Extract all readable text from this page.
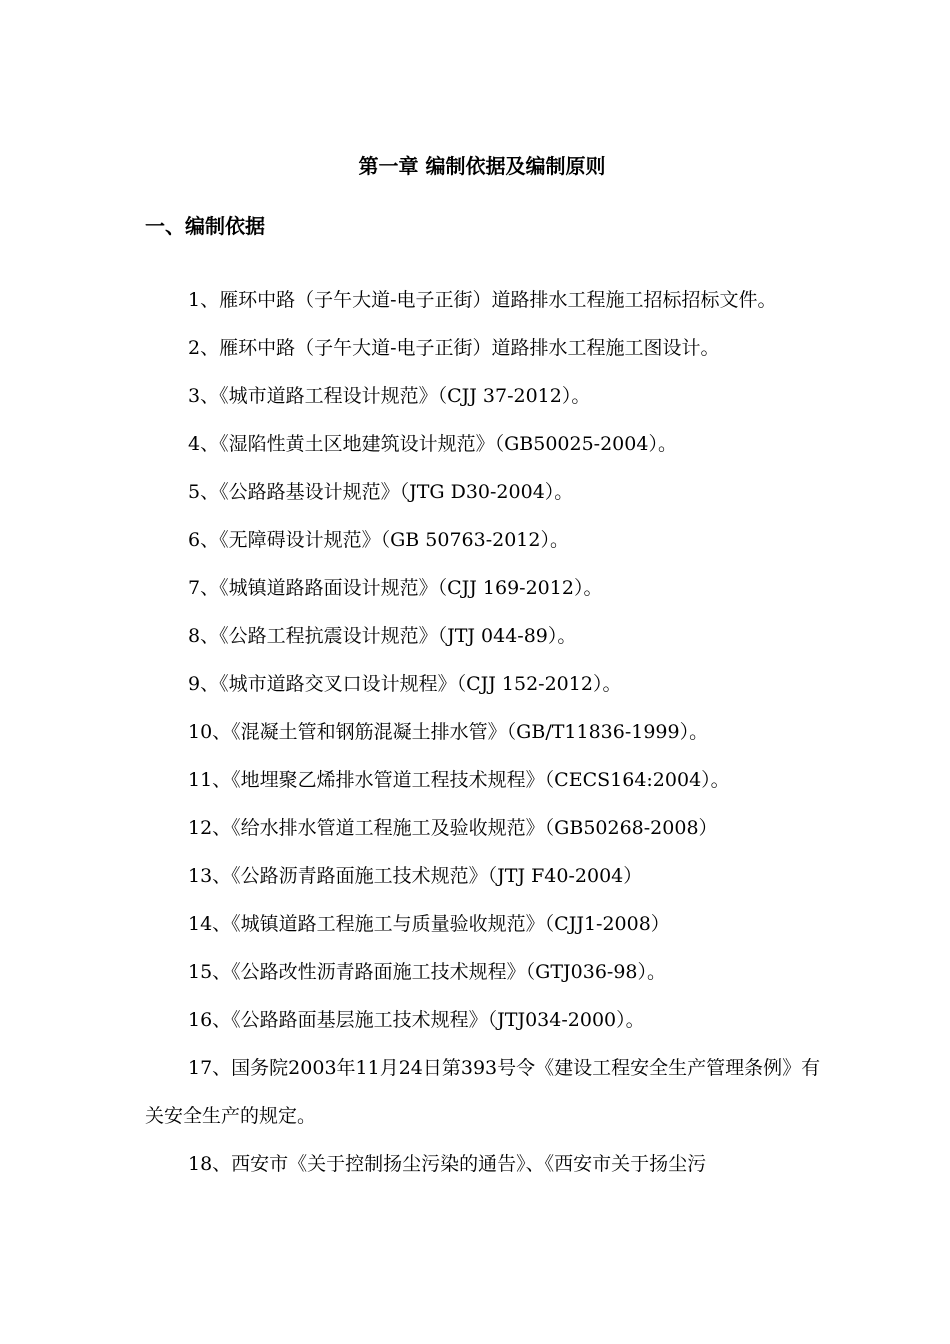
第一章 编制依据及编制原则
一、编制依据
1、雁环中路（子午大道-电子正街）道路排水工程施工招标招标文件。
2、雁环中路（子午大道-电子正街）道路排水工程施工图设计。
3、《城市道路工程设计规范》（CJJ 37-2012）。
4、《湿陷性黄土区地建筑设计规范》（GB50025-2004）。
5、《公路路基设计规范》（JTG D30-2004）。
6、《无障碍设计规范》（GB 50763-2012）。
7、《城镇道路路面设计规范》（CJJ 169-2012）。
8、《公路工程抗震设计规范》（JTJ 044-89）。
9、《城市道路交叉口设计规程》（CJJ 152-2012）。
10、《混凝土管和钢筋混凝土排水管》（GB/T11836-1999）。
11、《地埋聚乙烯排水管道工程技术规程》（CECS164:2004）。
12、《给水排水管道工程施工及验收规范》（GB50268-2008）
13、《公路沥青路面施工技术规范》（JTJ F40-2004）
14、《城镇道路工程施工与质量验收规范》（CJJ1-2008）
15、《公路改性沥青路面施工技术规程》（GTJ036-98）。
16、《公路路面基层施工技术规程》（JTJ034-2000）。
17、国务院2003年11月24日第393号令《建设工程安全生产管理条例》有关安全生产的规定。
18、西安市《关于控制扬尘污染的通告》、《西安市关于扬尘污
